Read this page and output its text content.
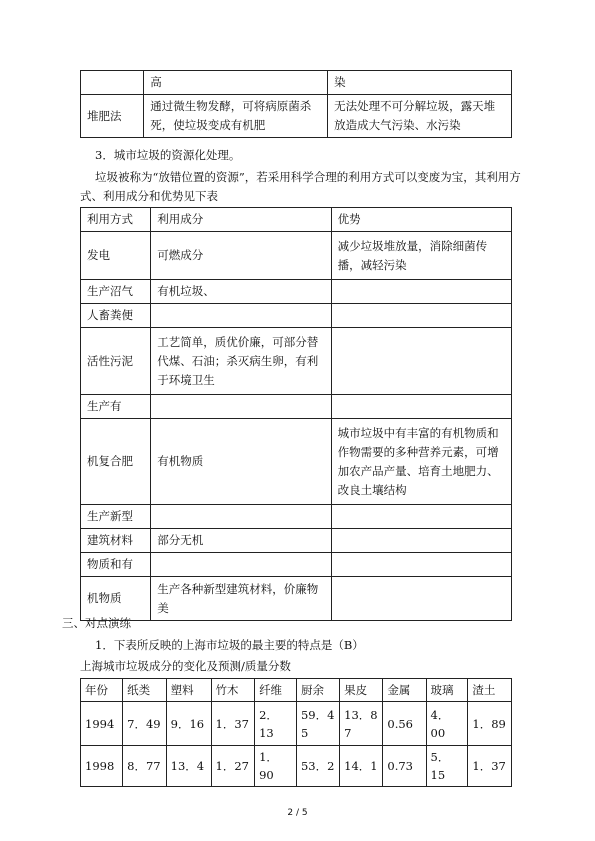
	高	染
堆肥法	通过微生物发酵，可将病原菌杀死，使垃圾变成有机肥	无法处理不可分解垃圾，露天堆放造成大气污染、水污染
3．城市垃圾的资源化处理。
垃圾被称为“放错位置的资源”，若采用科学合理的利用方式可以变废为宝，其利用方
式、利用成分和优势见下表
利用方式	利用成分	优势
发电	可燃成分	减少垃圾堆放量，消除细菌传播，减轻污染
生产沼气	有机垃圾、	
人畜粪便		
活性污泥	工艺简单，质优价廉，可部分替代煤、石油；杀灭病生卵，有利于环境卫生	
生产有		
机复合肥	有机物质	城市垃圾中有丰富的有机物质和作物需要的多种营养元素，可增加农产品产量、培育土地肥力、改良土壤结构
生产新型		
建筑材料	部分无机	
物质和有		
机物质	生产各种新型建筑材料，价廉物美	
三、对点演练
1．下表所反映的上海市垃圾的最主要的特点是（B）
上海城市垃圾成分的变化及预测/质量分数
年份	纸类	塑料	竹木	纤维	厨余	果皮	金属	玻璃	渣土
1994	7．49	9．16	1．37	2．13	59．45	13．87	0.56	4．00	1．89
1998	8．77	13．4	1．27	1．90	53．2	14．1	0.73	5．15	1．37
2 / 5
